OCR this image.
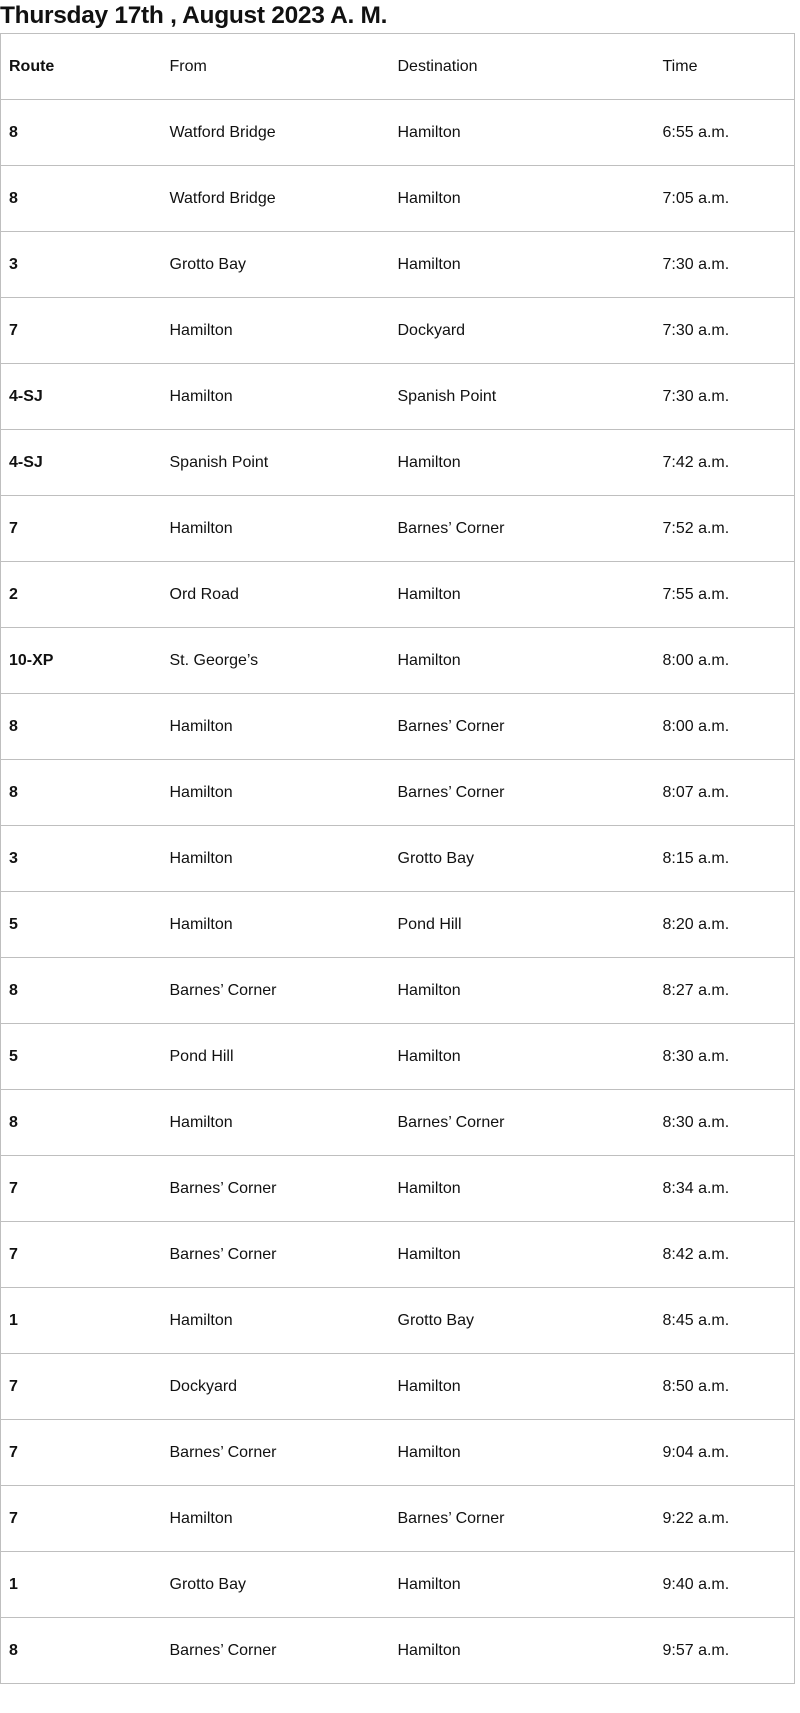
Thursday 17th , August 2023 A. M.
Route	From	Destination	Time
8	Watford Bridge	Hamilton	6:55 a.m.
8	Watford Bridge	Hamilton	7:05 a.m.
3	Grotto Bay	Hamilton	7:30 a.m.
7	Hamilton	Dockyard	7:30 a.m.
4-SJ	Hamilton	Spanish Point	7:30 a.m.
4-SJ	Spanish Point	Hamilton	7:42 a.m.
7	Hamilton	Barnes’ Corner	7:52 a.m.
2	Ord Road	Hamilton	7:55 a.m.
10-XP	St. George’s	Hamilton	8:00 a.m.
8	Hamilton	Barnes’ Corner	8:00 a.m.
8	Hamilton	Barnes’ Corner	8:07 a.m.
3	Hamilton	Grotto Bay	8:15 a.m.
5	Hamilton	Pond Hill	8:20 a.m.
8	Barnes’ Corner	Hamilton	8:27 a.m.
5	Pond Hill	Hamilton	8:30 a.m.
8	Hamilton	Barnes’ Corner	8:30 a.m.
7	Barnes’ Corner	Hamilton	8:34 a.m.
7	Barnes’ Corner	Hamilton	8:42 a.m.
1	Hamilton	Grotto Bay	8:45 a.m.
7	Dockyard	Hamilton	8:50 a.m.
7	Barnes’ Corner	Hamilton	9:04 a.m.
7	Hamilton	Barnes’ Corner	9:22 a.m.
1	Grotto Bay	Hamilton	9:40 a.m.
8	Barnes’ Corner	Hamilton	9:57 a.m.
